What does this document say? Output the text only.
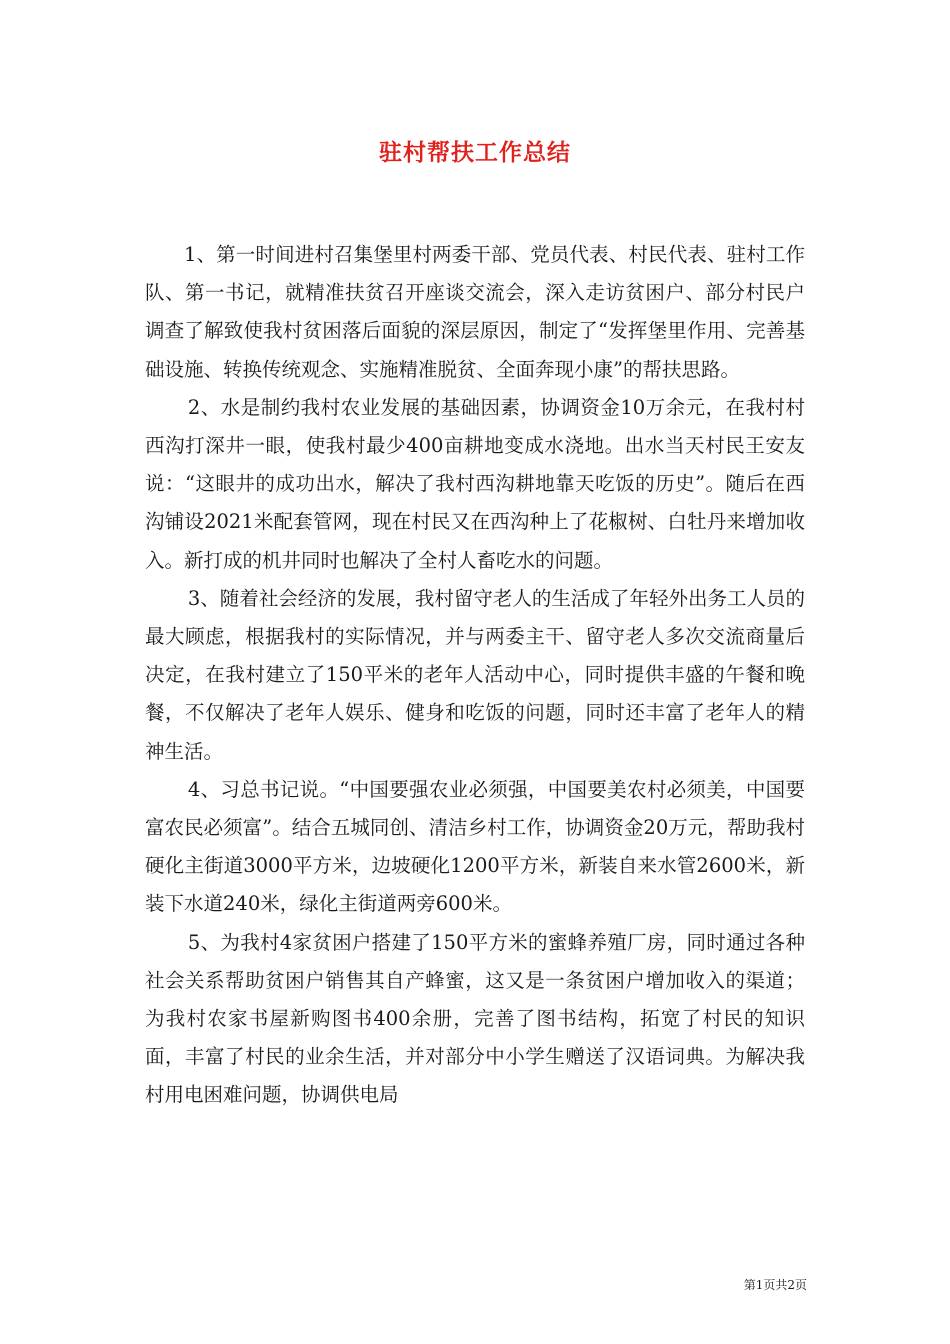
驻村帮扶工作总结

1、第一时间进村召集堡里村两委干部、党员代表、村民代表、驻村工作队、第一书记，就精准扶贫召开座谈交流会，深入走访贫困户、部分村民户调查了解致使我村贫困落后面貌的深层原因，制定了“发挥堡里作用、完善基础设施、转换传统观念、实施精准脱贫、全面奔现小康”的帮扶思路。

2、水是制约我村农业发展的基础因素，协调资金10万余元，在我村村西沟打深井一眼，使我村最少400亩耕地变成水浇地。出水当天村民王安友说：“这眼井的成功出水，解决了我村西沟耕地靠天吃饭的历史”。随后在西沟铺设2021米配套管网，现在村民又在西沟种上了花椒树、白牡丹来增加收入。新打成的机井同时也解决了全村人畜吃水的问题。

3、随着社会经济的发展，我村留守老人的生活成了年轻外出务工人员的最大顾虑，根据我村的实际情况，并与两委主干、留守老人多次交流商量后决定，在我村建立了150平米的老年人活动中心，同时提供丰盛的午餐和晚餐，不仅解决了老年人娱乐、健身和吃饭的问题，同时还丰富了老年人的精神生活。

4、习总书记说。“中国要强农业必须强，中国要美农村必须美，中国要富农民必须富”。结合五城同创、清洁乡村工作，协调资金20万元，帮助我村硬化主街道3000平方米，边坡硬化1200平方米，新装自来水管2600米，新装下水道240米，绿化主街道两旁600米。

5、为我村4家贫困户搭建了150平方米的蜜蜂养殖厂房，同时通过各种社会关系帮助贫困户销售其自产蜂蜜，这又是一条贫困户增加收入的渠道；为我村农家书屋新购图书400余册，完善了图书结构，拓宽了村民的知识面，丰富了村民的业余生活，并对部分中小学生赠送了汉语词典。为解决我村用电困难问题，协调供电局

第1页共2页
